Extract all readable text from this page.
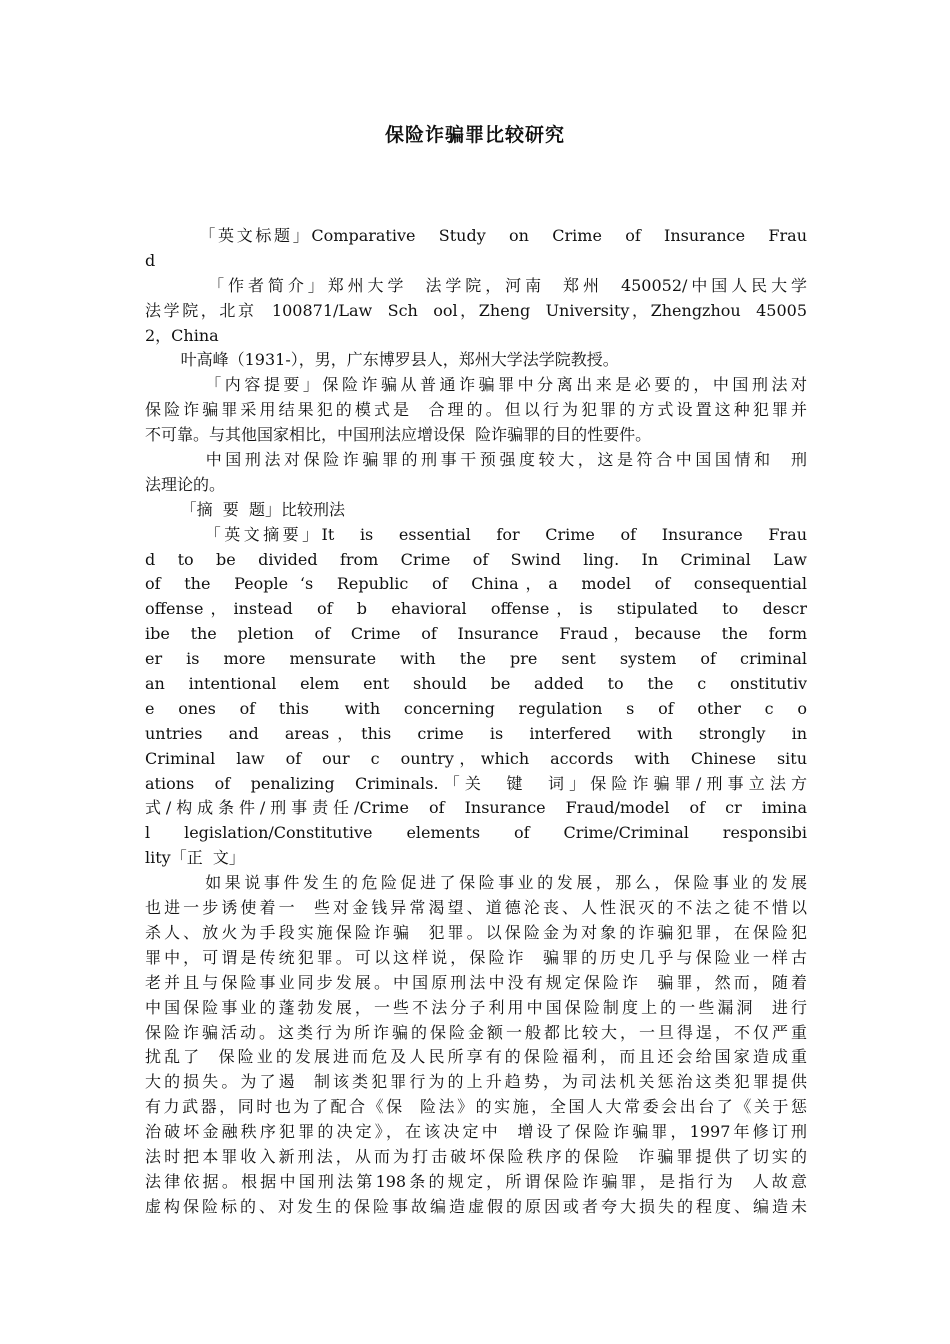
保险诈骗罪比较研究
「英文标题」Comparative   Study   on   Crime   of   Insurance   Frau
d
「作者简介」郑州大学  法学院，河南  郑州  450052/中国人民大学
法学院，北京  100871/Law  Sch  ool，Zheng  University，Zhengzhou  45005
2，China
叶高峰（1931-），男，广东博罗县人，郑州大学法学院教授。
「内容提要」保险诈骗从普通诈骗罪中分离出来是必要的，中国刑法对
保险诈骗罪采用结果犯的模式是  合理的。但以行为犯罪的方式设置这种犯罪并
不可靠。与其他国家相比，中国刑法应增设保  险诈骗罪的目的性要件。
中国刑法对保险诈骗罪的刑事干预强度较大，这是符合中国国情和  刑
法理论的。
「摘  要  题」比较刑法
「英文摘要」It   is   essential   for   Crime   of   Insurance   Frau
d  to  be  divided  from  Crime  of  Swind  ling.  In  Criminal  Law
of  the  People ‘s  Republic  of  China，a  model  of  consequential
offense，instead  of  b  ehavioral  offense，is  stipulated  to  descr
ibe  the  pletion  of  Crime  of  Insurance  Fraud，because  the  form
er  is  more  mensurate  with  the  pre  sent  system  of  criminal
an  intentional  elem  ent  should  be  added  to  the  c  onstitutiv
e  ones  of  this   with  concerning  regulation  s  of  other  c  o
untries  and  areas，this  crime  is  interfered  with  strongly  in
Criminal  law  of  our  c  ountry，which  accords  with  Chinese  situ
ations  of  penalizing  Criminals.「关  键  词」保险诈骗罪/刑事立法方
式/构成条件/刑事责任/Crime  of  Insurance  Fraud/model  of  cr  imina
l  legislation/Constitutive  elements  of  Crime/Criminal  responsibi
lity「正  文」
如果说事件发生的危险促进了保险事业的发展，那么，保险事业的发展
也进一步诱使着一  些对金钱异常渴望、道德沦丧、人性泯灭的不法之徒不惜以
杀人、放火为手段实施保险诈骗  犯罪。以保险金为对象的诈骗犯罪，在保险犯
罪中，可谓是传统犯罪。可以这样说，保险诈  骗罪的历史几乎与保险业一样古
老并且与保险事业同步发展。中国原刑法中没有规定保险诈  骗罪，然而，随着
中国保险事业的蓬勃发展，一些不法分子利用中国保险制度上的一些漏洞  进行
保险诈骗活动。这类行为所诈骗的保险金额一般都比较大，一旦得逞，不仅严重
扰乱了  保险业的发展进而危及人民所享有的保险福利，而且还会给国家造成重
大的损失。为了遏  制该类犯罪行为的上升趋势，为司法机关惩治这类犯罪提供
有力武器，同时也为了配合《保  险法》的实施，全国人大常委会出台了《关于惩
治破坏金融秩序犯罪的决定》，在该决定中  增设了保险诈骗罪，1997年修订刑
法时把本罪收入新刑法，从而为打击破坏保险秩序的保险  诈骗罪提供了切实的
法律依据。根据中国刑法第198条的规定，所谓保险诈骗罪，是指行为  人故意
虚构保险标的、对发生的保险事故编造虚假的原因或者夸大损失的程度、编造未
